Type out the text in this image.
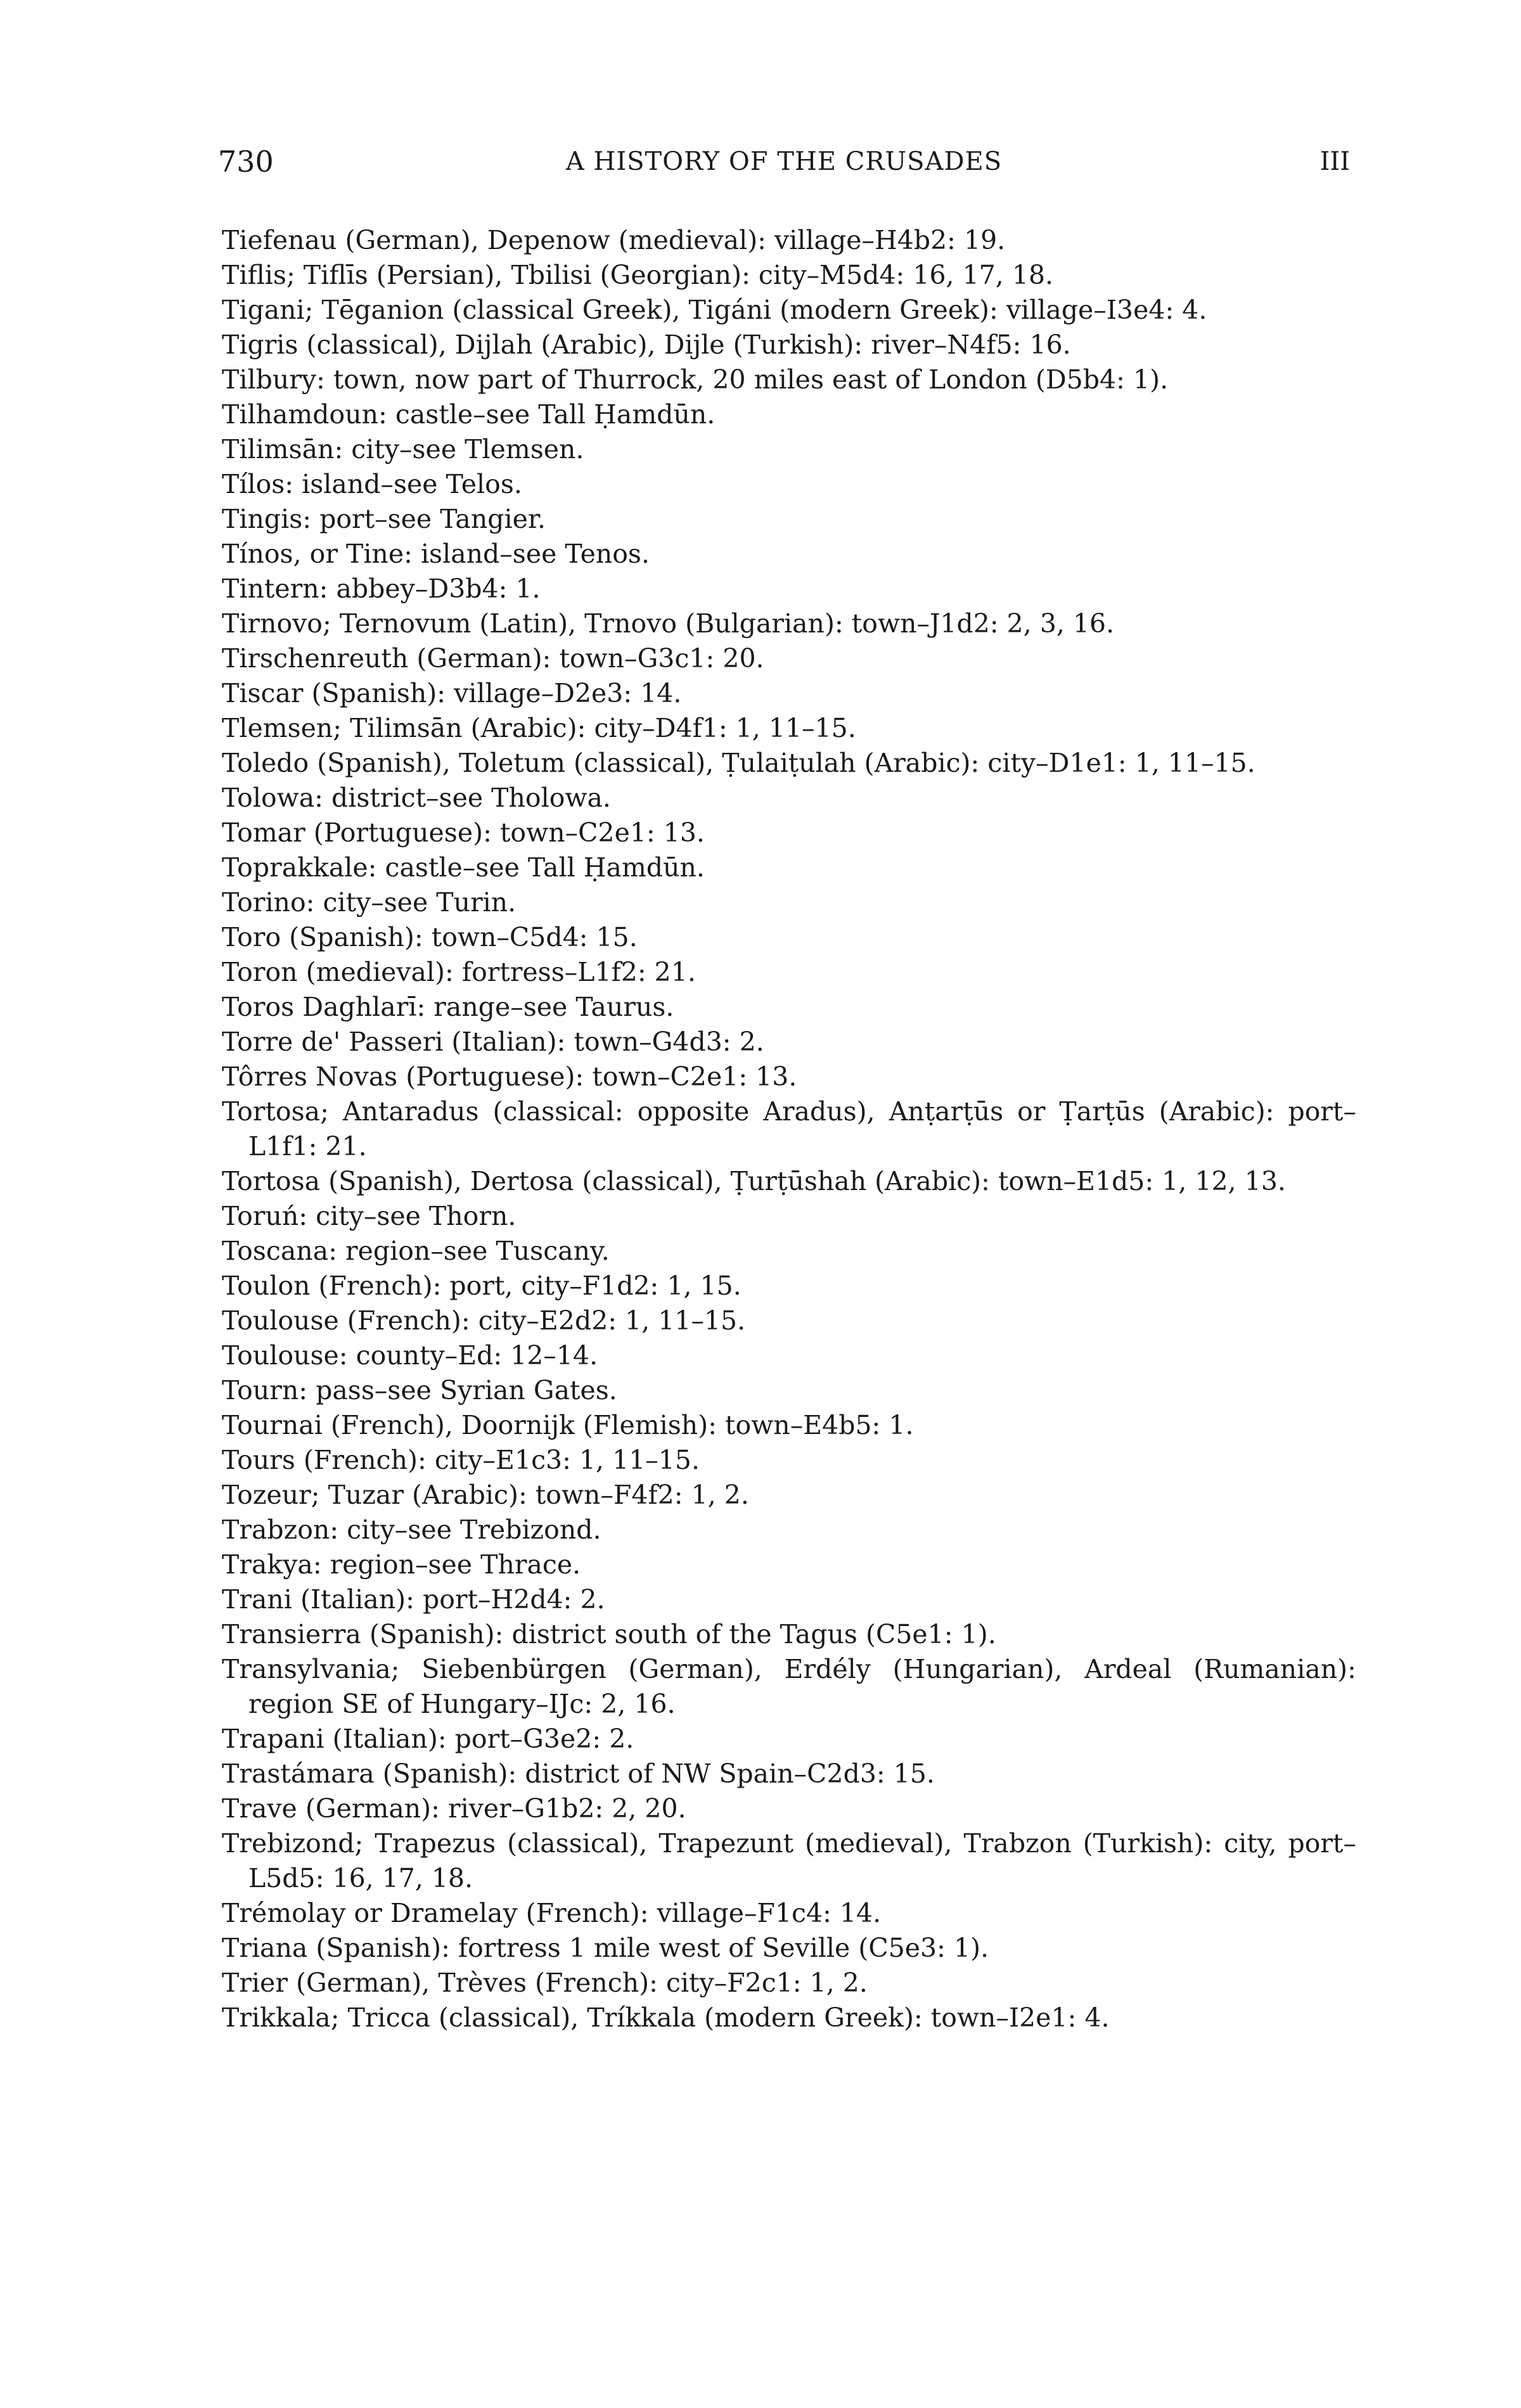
730	A HISTORY OF THE CRUSADES	III
Tiefenau (German), Depenow (medieval): village–H4b2: 19.
Tiflis; Tiflīs (Persian), Tbilisi (Georgian): city–M5d4: 16, 17, 18.
Tigani; Tēganion (classical Greek), Tigáni (modern Greek): village–I3e4: 4.
Tigris (classical), Dijlah (Arabic), Dijle (Turkish): river–N4f5: 16.
Tilbury: town, now part of Thurrock, 20 miles east of London (D5b4: 1).
Tilhamdoun: castle–see Tall Ḥamdūn.
Tilimsān: city–see Tlemsen.
Tílos: island–see Telos.
Tingis: port–see Tangier.
Tínos, or Tine: island–see Tenos.
Tintern: abbey–D3b4: 1.
Tirnovo; Ternovum (Latin), Trnovo (Bulgarian): town–J1d2: 2, 3, 16.
Tirschenreuth (German): town–G3c1: 20.
Tiscar (Spanish): village–D2e3: 14.
Tlemsen; Tilimsān (Arabic): city–D4f1: 1, 11–15.
Toledo (Spanish), Toletum (classical), Ṭulaiṭulah (Arabic): city–D1e1: 1, 11–15.
Tolowa: district–see Tholowa.
Tomar (Portuguese): town–C2e1: 13.
Toprakkale: castle–see Tall Ḥamdūn.
Torino: city–see Turin.
Toro (Spanish): town–C5d4: 15.
Toron (medieval): fortress–L1f2: 21.
Toros Daghlarī: range–see Taurus.
Torre de' Passeri (Italian): town–G4d3: 2.
Tôrres Novas (Portuguese): town–C2e1: 13.
Tortosa; Antaradus (classical: opposite Aradus), Anṭarṭūs or Ṭarṭūs (Arabic): port–L1f1: 21.
Tortosa (Spanish), Dertosa (classical), Ṭurṭūshah (Arabic): town–E1d5: 1, 12, 13.
Toruń: city–see Thorn.
Toscana: region–see Tuscany.
Toulon (French): port, city–F1d2: 1, 15.
Toulouse (French): city–E2d2: 1, 11–15.
Toulouse: county–Ed: 12–14.
Tourn: pass–see Syrian Gates.
Tournai (French), Doornijk (Flemish): town–E4b5: 1.
Tours (French): city–E1c3: 1, 11–15.
Tozeur; Tuzar (Arabic): town–F4f2: 1, 2.
Trabzon: city–see Trebizond.
Trakya: region–see Thrace.
Trani (Italian): port–H2d4: 2.
Transierra (Spanish): district south of the Tagus (C5e1: 1).
Transylvania; Siebenbürgen (German), Erdély (Hungarian), Ardeal (Rumanian): region SE of Hungary–IJc: 2, 16.
Trapani (Italian): port–G3e2: 2.
Trastámara (Spanish): district of NW Spain–C2d3: 15.
Trave (German): river–G1b2: 2, 20.
Trebizond; Trapezus (classical), Trapezunt (medieval), Trabzon (Turkish): city, port–L5d5: 16, 17, 18.
Trémolay or Dramelay (French): village–F1c4: 14.
Triana (Spanish): fortress 1 mile west of Seville (C5e3: 1).
Trier (German), Trèves (French): city–F2c1: 1, 2.
Trikkala; Tricca (classical), Tríkkala (modern Greek): town–I2e1: 4.
